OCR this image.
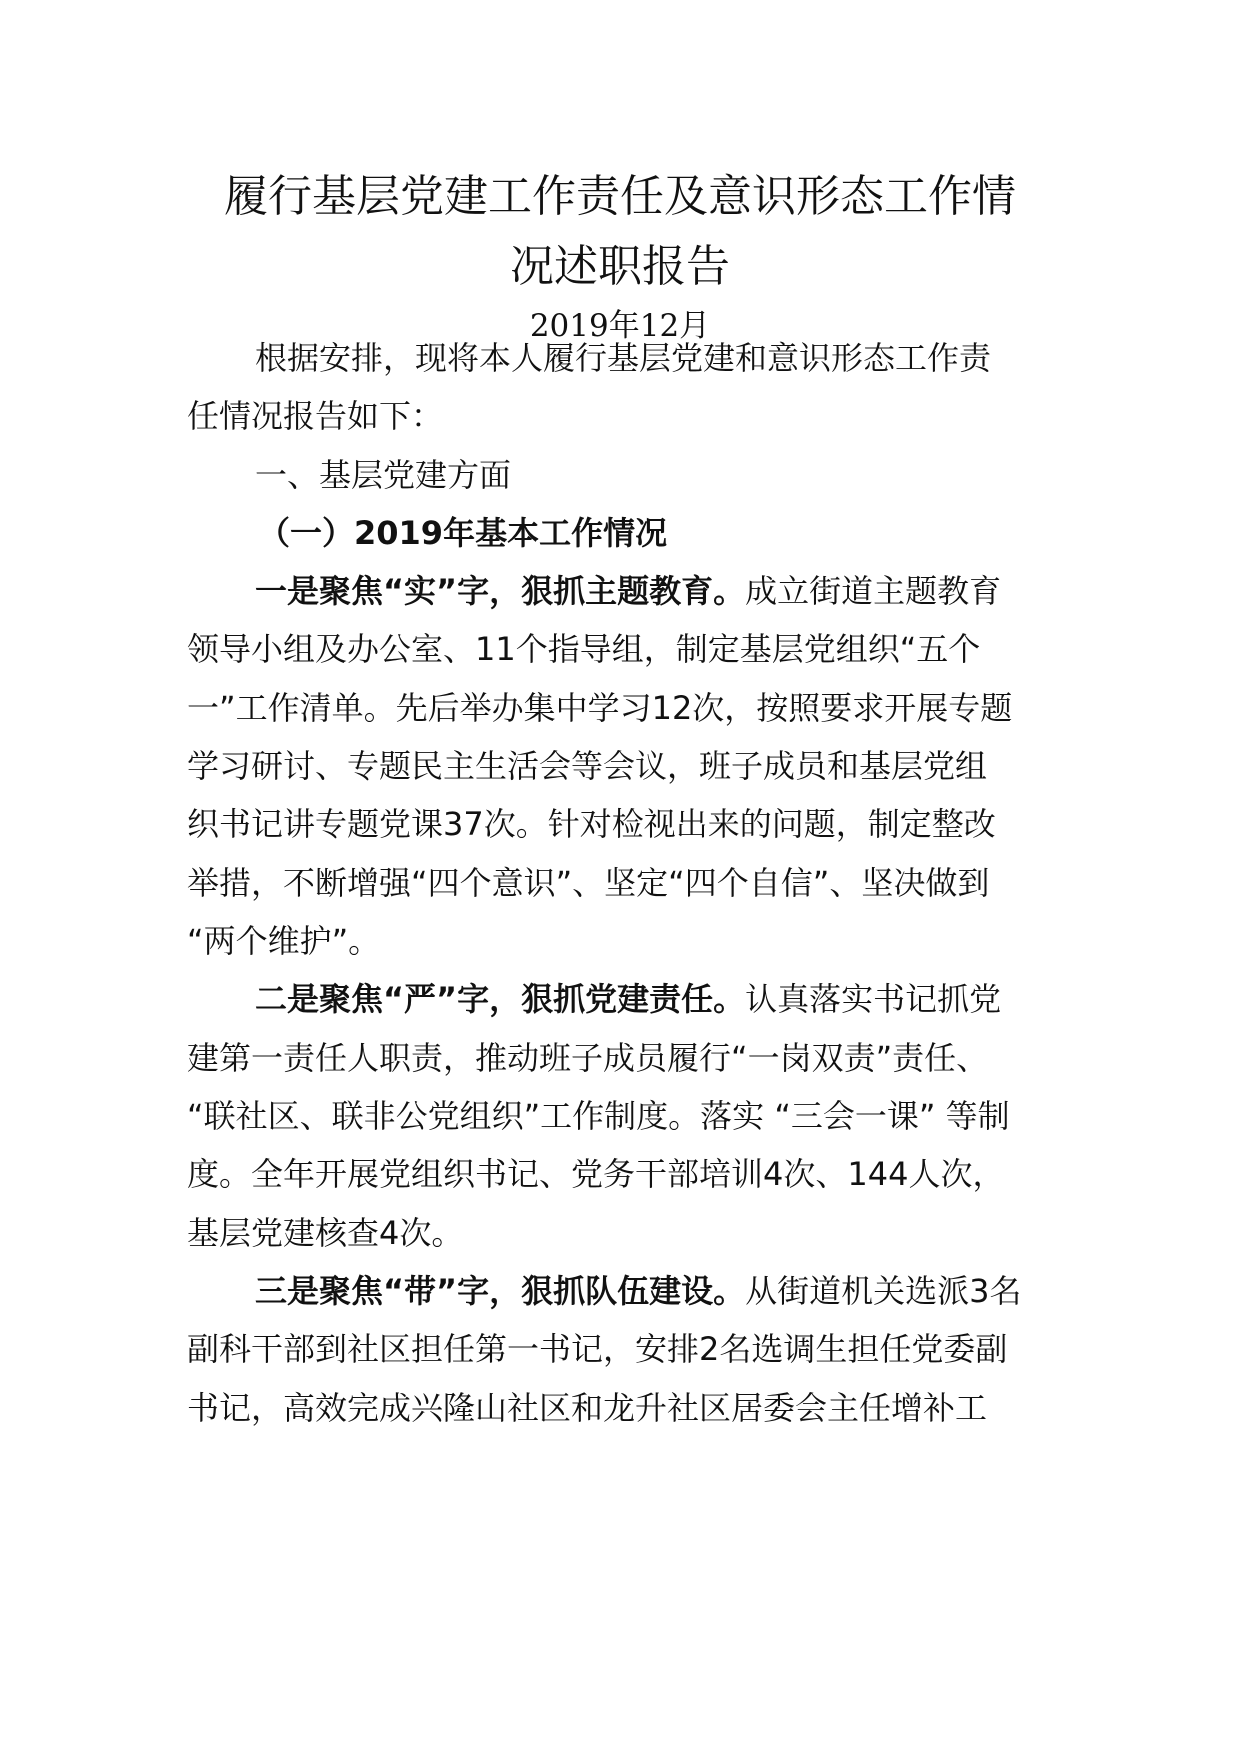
履行基层党建工作责任及意识形态工作情
况述职报告
2019年12月
根据安排，现将本人履行基层党建和意识形态工作责
任情况报告如下：
一、基层党建方面
（一）2019年基本工作情况
一是聚焦“实”字，狠抓主题教育。成立街道主题教育
领导小组及办公室、11个指导组，制定基层党组织“五个
一”工作清单。先后举办集中学习12次，按照要求开展专题
学习研讨、专题民主生活会等会议，班子成员和基层党组
织书记讲专题党课37次。针对检视出来的问题，制定整改
举措，不断增强“四个意识”、坚定“四个自信”、坚决做到
“两个维护”。
二是聚焦“严”字，狠抓党建责任。认真落实书记抓党
建第一责任人职责，推动班子成员履行“一岗双责”责任、
“联社区、联非公党组织”工作制度。落实 “三会一课” 等制
度。全年开展党组织书记、党务干部培训4次、144人次，
基层党建核查4次。
三是聚焦“带”字，狠抓队伍建设。从街道机关选派3名
副科干部到社区担任第一书记，安排2名选调生担任党委副
书记，高效完成兴隆山社区和龙升社区居委会主任增补工
